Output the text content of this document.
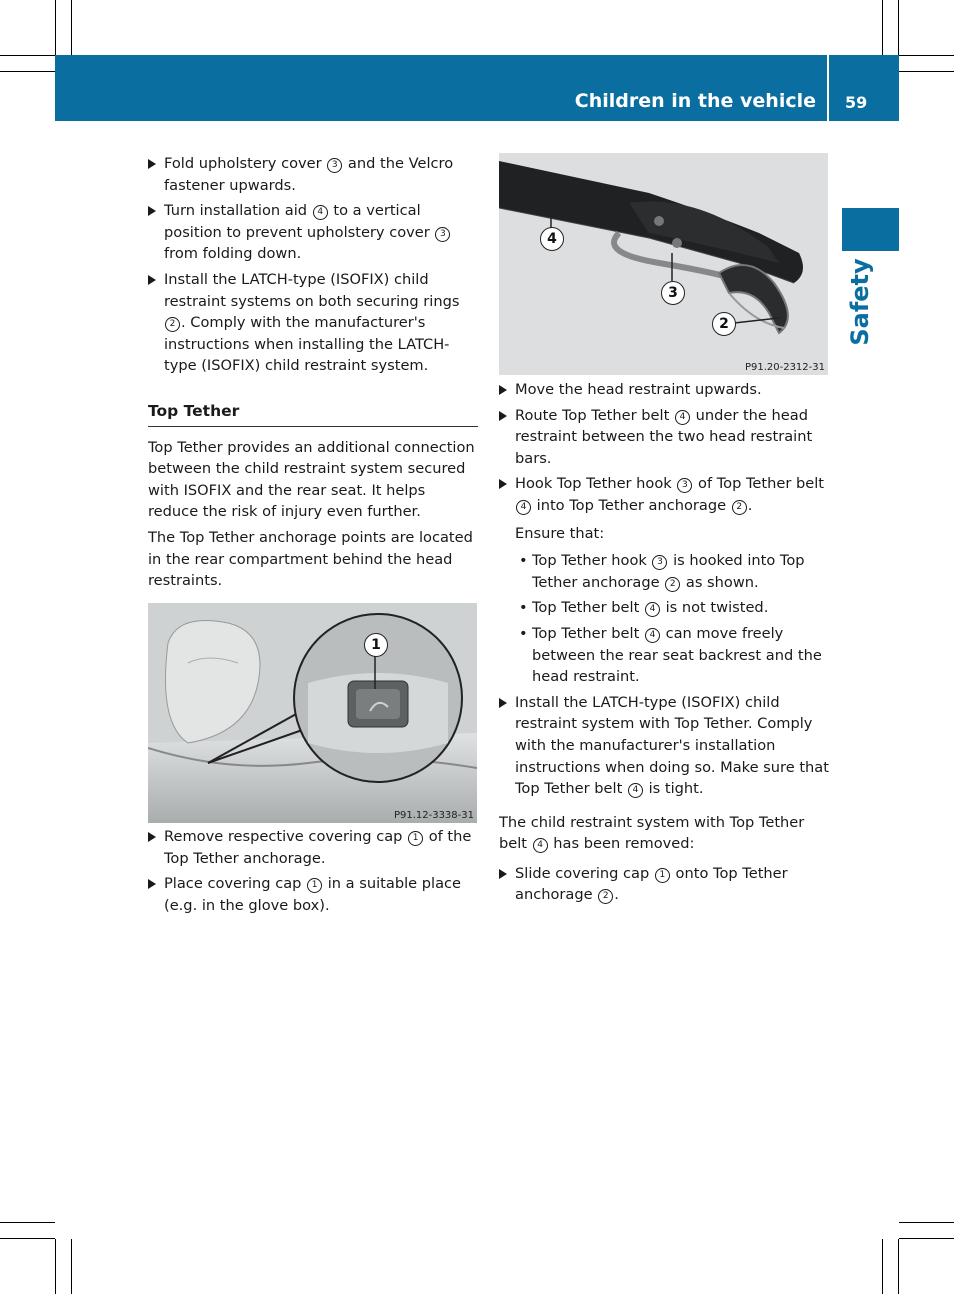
Children in the vehicle 59
Safety
Fold upholstery cover 3 and the Velcro fastener upwards.
Turn installation aid 4 to a vertical position to prevent upholstery cover 3 from folding down.
Install the LATCH-type (ISOFIX) child restraint systems on both securing rings 2 . Comply with the manufacturer's instructions when installing the LATCH-type (ISOFIX) child restraint system.
Top Tether

Top Tether provides an additional connection between the child restraint system secured with ISOFIX and the rear seat. It helps reduce the risk of injury even further.

The Top Tether anchorage points are located in the rear compartment behind the head restraints.

1
P91.12-3338-31
Remove respective covering cap 1 of the Top Tether anchorage.
Place covering cap 1 in a suitable place (e.g. in the glove box).
4
3
2
P91.20-2312-31
Move the head restraint upwards.
Route Top Tether belt 4 under the head restraint between the two head restraint bars.
Hook Top Tether hook 3 of Top Tether belt 4 into Top Tether anchorage 2 .
Ensure that:
• Top Tether hook 3 is hooked into Top Tether anchorage 2 as shown.
• Top Tether belt 4 is not twisted.
• Top Tether belt 4 can move freely between the rear seat backrest and the head restraint.
Install the LATCH-type (ISOFIX) child restraint system with Top Tether. Comply with the manufacturer's installation instructions when doing so. Make sure that Top Tether belt 4 is tight.

The child restraint system with Top Tether belt 4 has been removed:

Slide covering cap 1 onto Top Tether anchorage 2 .
